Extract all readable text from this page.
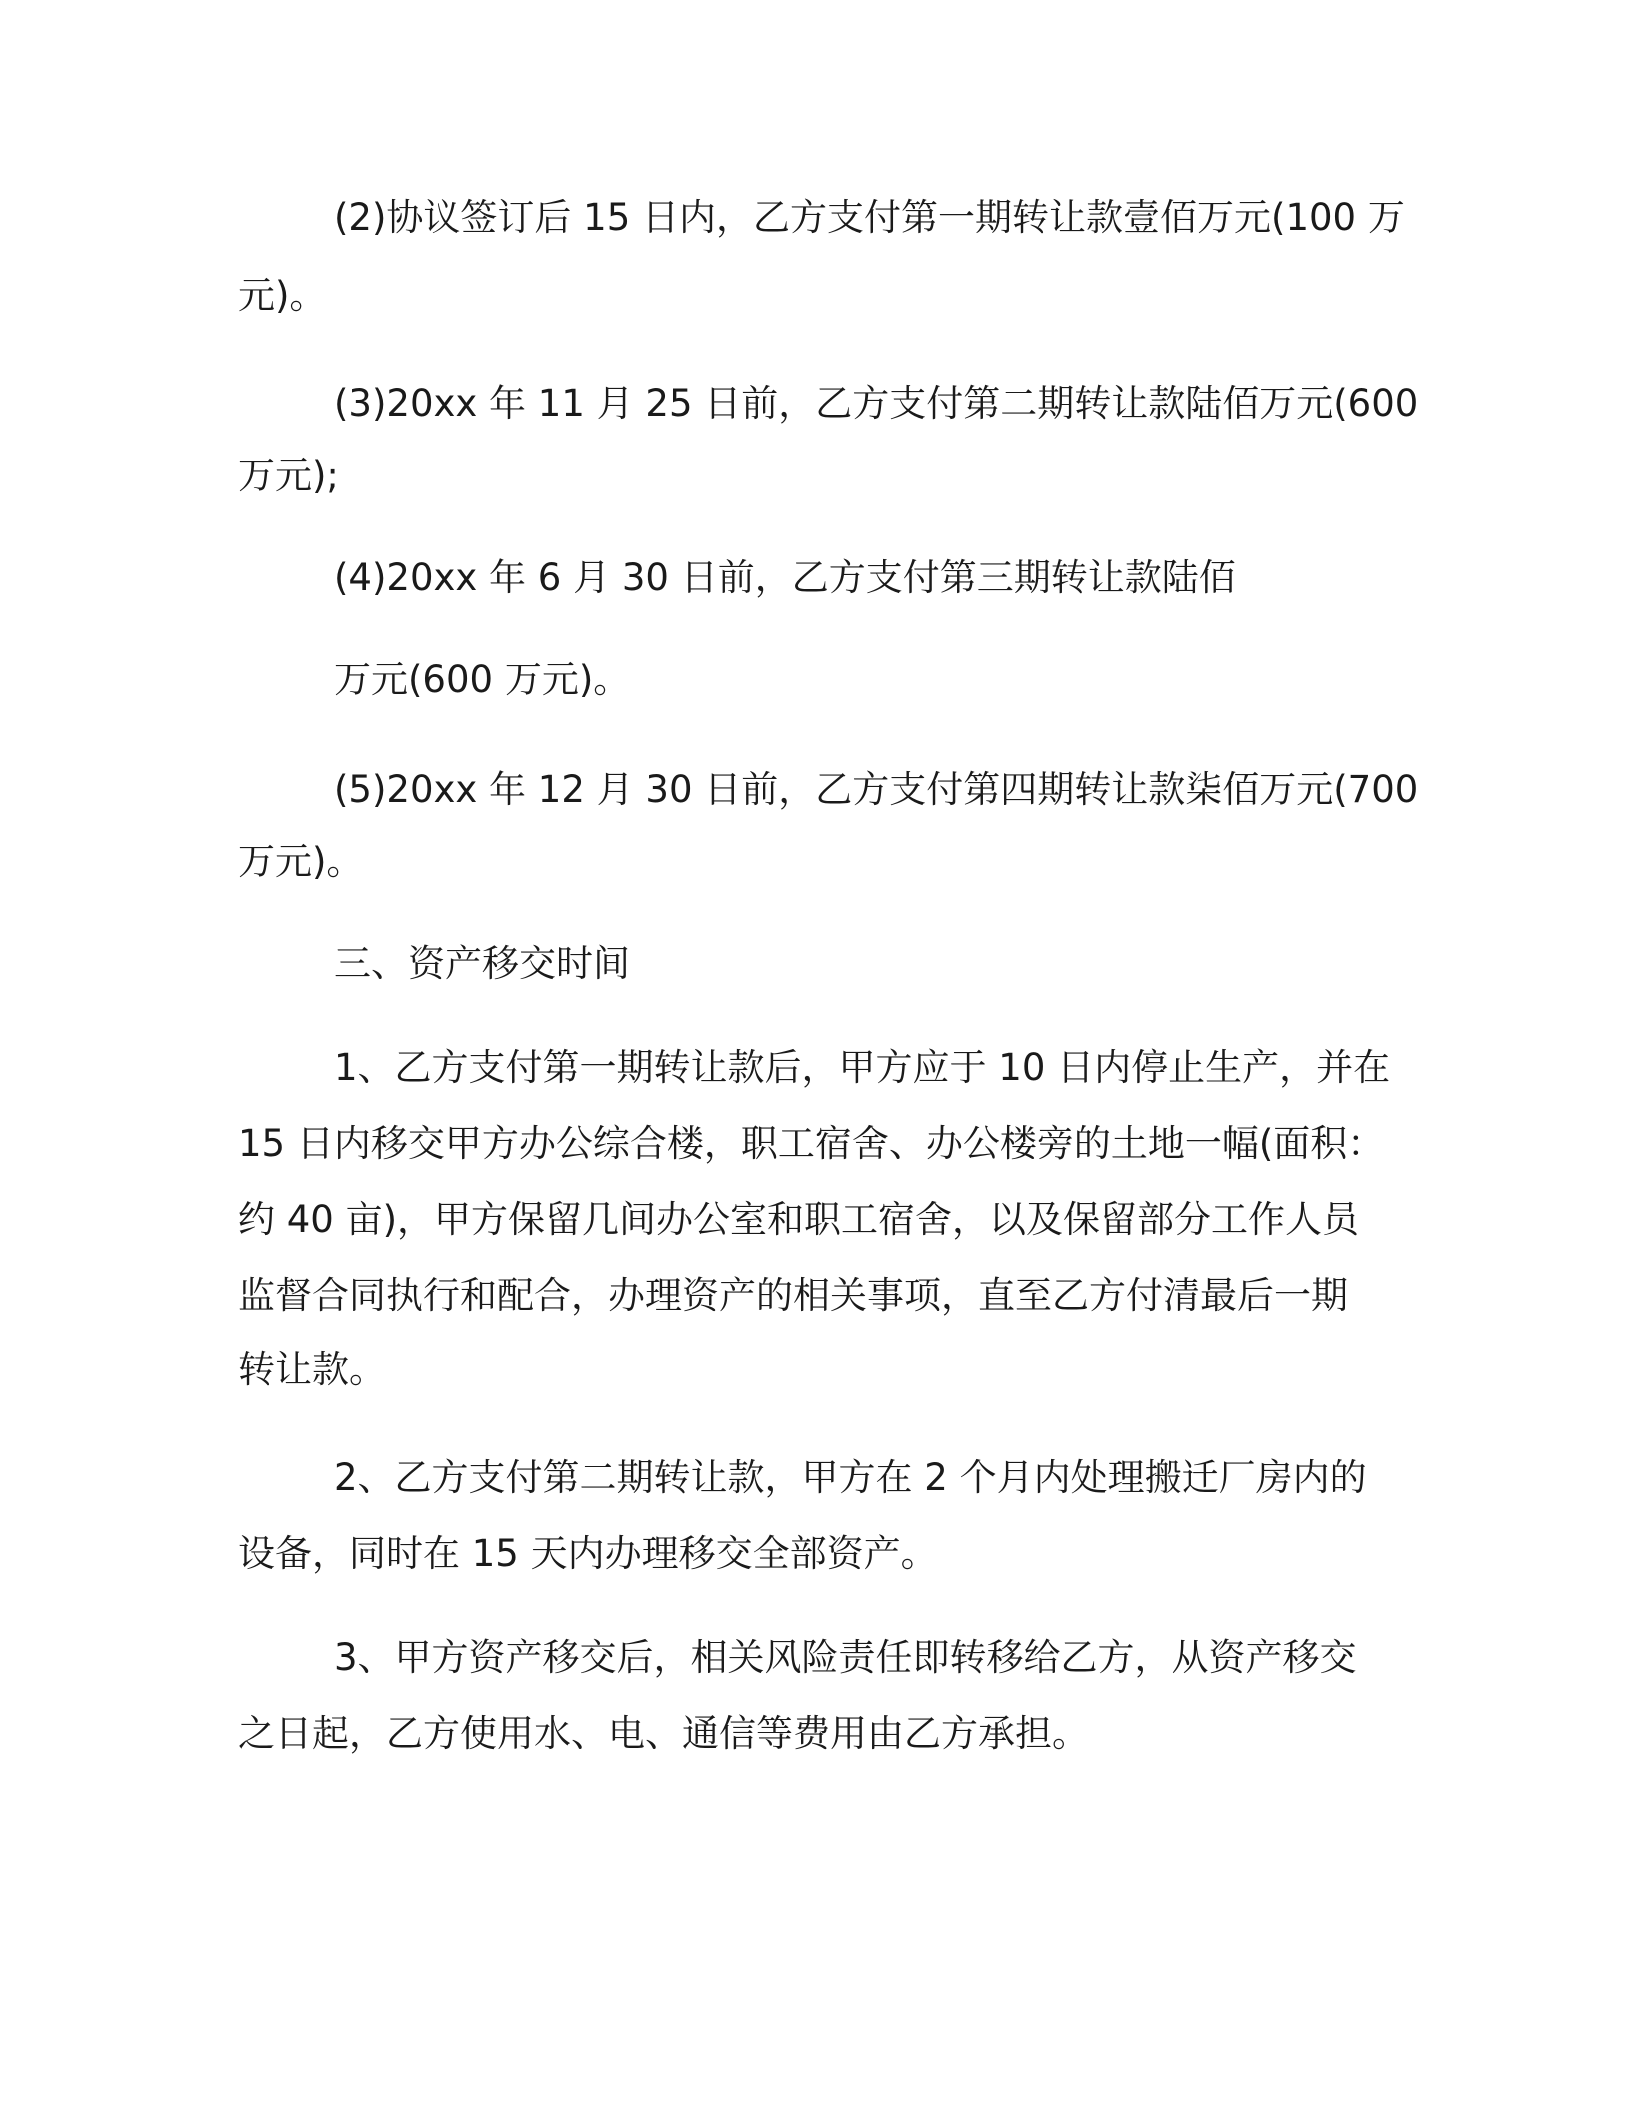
(2)协议签订后 15 日内，乙方支付第一期转让款壹佰万元(100 万
元)。
(3)20xx 年 11 月 25 日前，乙方支付第二期转让款陆佰万元(600
万元);
(4)20xx 年 6 月 30 日前，乙方支付第三期转让款陆佰
万元(600 万元)。
(5)20xx 年 12 月 30 日前，乙方支付第四期转让款柒佰万元(700
万元)。
三、资产移交时间
1、乙方支付第一期转让款后，甲方应于 10 日内停止生产，并在
15 日内移交甲方办公综合楼，职工宿舍、办公楼旁的土地一幅(面积：
约 40 亩)，甲方保留几间办公室和职工宿舍，以及保留部分工作人员
监督合同执行和配合，办理资产的相关事项，直至乙方付清最后一期
转让款。
2、乙方支付第二期转让款，甲方在 2 个月内处理搬迁厂房内的
设备，同时在 15 天内办理移交全部资产。
3、甲方资产移交后，相关风险责任即转移给乙方，从资产移交
之日起，乙方使用水、电、通信等费用由乙方承担。
